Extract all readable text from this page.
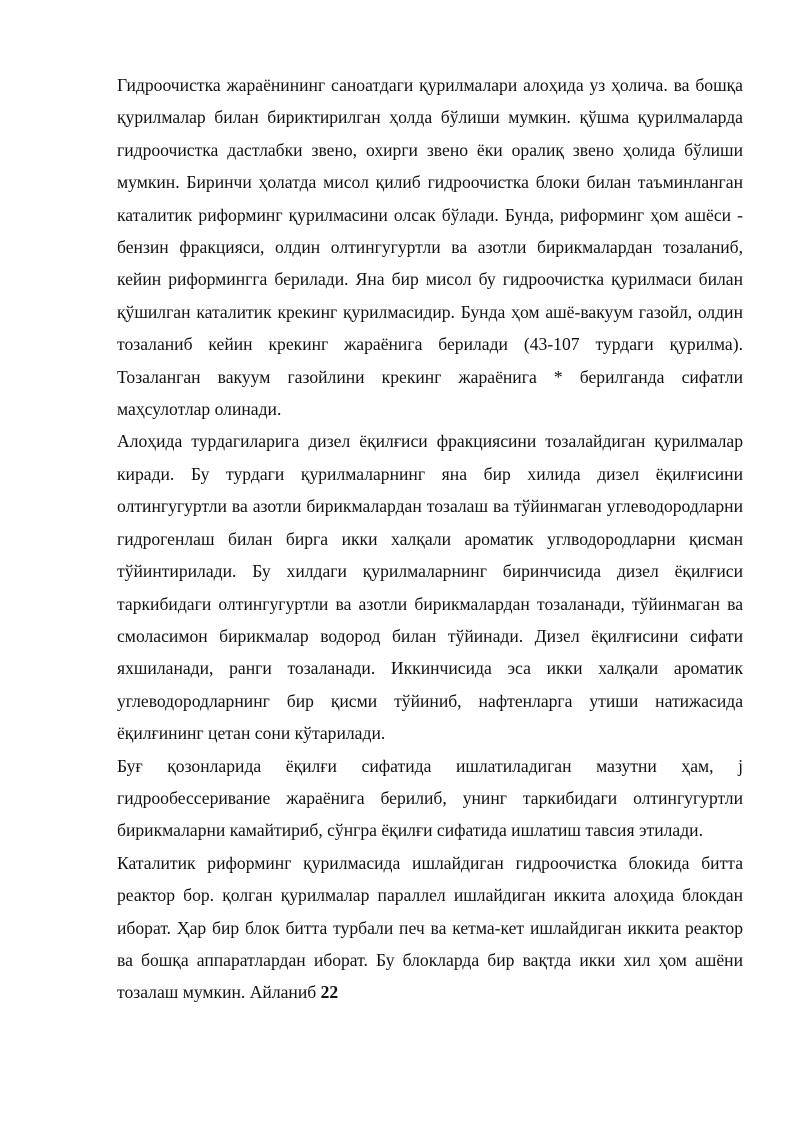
Гидроочистка жараёнининг саноатдаги қурилмалари алоҳида уз ҳолича. ва бошқа қурилмалар билан бириктирилган ҳолда бўлиши мумкин. қўшма қурилмаларда гидроочистка дастлабки звено, охирги звено ёки оралиқ звено ҳолида бўлиши мумкин. Биринчи ҳолатда мисол қилиб гидроочистка блоки билан таъминланган каталитик риформинг қурилмасини олсак бўлади. Бунда, риформинг ҳом ашёси - бензин фракцияси, олдин олтингугуртли ва азотли бирикмалардан тозаланиб, кейин риформингга берилади. Яна бир мисол бу гидроочистка қурилмаси билан қўшилган каталитик крекинг қурилмасидир. Бунда ҳом ашё-вакуум газойл, олдин тозаланиб кейин крекинг жараёнига берилади (43-107 турдаги қурилма). Тозаланган вакуум газойлини крекинг жараёнига * берилганда сифатли маҳсулотлар олинади.

Алоҳида турдагиларига дизел ёқилғиси фракциясини тозалайдиган қурилмалар киради. Бу турдаги қурилмаларнинг яна бир хилида дизел ёқилғисини олтингугуртли ва азотли бирикмалардан тозалаш ва тўйинмаган углеводородларни гидрогенлаш билан бирга икки халқали ароматик углводородларни қисман тўйинтирилади. Бу хилдаги қурилмаларнинг биринчисида дизел ёқилғиси таркибидаги олтингугуртли ва азотли бирикмалардан тозаланади, тўйинмаган ва смоласимон бирикмалар водород билан тўйинади. Дизел ёқилғисини сифати яхшиланади, ранги тозаланади. Иккинчисида эса икки халқали ароматик углеводородларнинг бир қисми тўйиниб, нафтенларга утиши натижасида ёқилғининг цетан сони кўтарилади.

Буғ қозонларида ёқилғи сифатида ишлатиладиган мазутни ҳам, j гидрообессеривание жараёнига берилиб, унинг таркибидаги олтингугуртли бирикмаларни камайтириб, сўнгра ёқилғи сифатида ишлатиш тавсия этилади.

Каталитик риформинг қурилмасида ишлайдиган гидроочистка блокида битта реактор бор. қолган қурилмалар параллел ишлайдиган иккита алоҳида блокдан иборат. Ҳар бир блок битта турбали печ ва кетма-кет ишлайдиган иккита реактор ва бошқа аппаратлардан иборат. Бу блокларда бир вақтда икки хил ҳом ашёни тозалаш мумкин. Айланиб 22
